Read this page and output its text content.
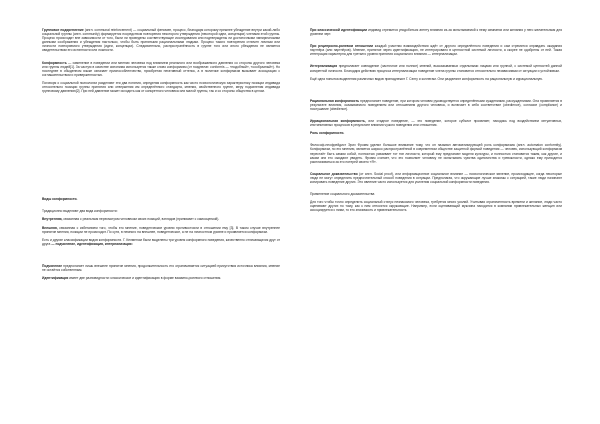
Групповое подкрепление (англ. communal reinforcement) — социальный феномен, процесс, благодаря которому прежнее убеждение внутри какой-либо социальной группы (англ. community) формируется посредством повторения некоторого утверждения (некоторой идеи, концепции) членами этой группы. Процесс происходит вне зависимости от того, были ли проведены соответствующие исследования или подтверждены ли достаточными эмпирическими данными соображения и убеждения настолько, чтобы быть принятыми рациональными людьми. Процесс такого повторения отличен личным или личности повторяемого утверждения (идеи, концепции). Следовательно, распространённость в группе того или иного убеждения не является свидетельством его истинности или ложности.

Конформность — изменение в поведении или мнении человека под влиянием реального или воображаемого давления со стороны другого человека или группы людей[1]. За частую в качестве синонима используется также слово конформизм (от позднелат. conformis — «подобный», «сообразный»). Но последнее в обыденном языке означает приспособленчество, приобретая негативный оттенок, а в политике конформизм вызывает ассоциации с соглашательством и приверженностью.

Поговоря о социальной психологии разделяют эти два понятия, определяя конформность как чисто психологическую характеристику позиции индивида относительно позиции группы принятия или отвержения им определённого стандарта, мнения, свойственного группе, меру подчинения индивида групповому давлению[2]. При ней давление может исходить как от конкретного человека или малой группы, так и со стороны общества в целом.

Виды конформности.

Традиционно выделяют два вида конформности:

Внутренняя, связанная с реальным пересмотром человеком своих позиций, взглядов (принимает с самооценкой).

Внешняя, связанная с избеганием того, чтобы его мнение, поведенческие уровни противостояли в отношении ему [3]. В таком случае внутреннее принятие мнения, позиции не происходит. По сути, в немного на внешнее, поведенческое, а не на личностном уровне и проявляется конформизм.

Есть и другие классификации видов конформности. Г. Келменом были выделены три уровня конформного поведения, качественно отличающихся друг от друга — подчинение, идентификация, интернализация:

Подчинение предполагает лишь внешнее принятие мнения, продолжительность его ограничивается ситуацией присутствия источника влияния, мнение не остаётся собственным.

Идентификация имеет две разновидности: классическое и идентификацию в форме взаимно-ролевого отношения.

При классической идентификации индивид стремится уподобиться агенту влияния из-за испытываемой к нему симпатии или желания у него желательным для уровнем черт.

При реципрокно-ролевом отношении каждый участник взаимодействия ждёт от другого определённого поведения и сам стремится оправдать ожидания партнёра (или партнёров). Мнение, принятое через идентификацию, не интегрировано в ценностной системой личности, а скорее не одобрены от ней. Такая интеграция характерна для третьего уровня принятия социального влияния — интернализации.

Интернализация предполагает совпадение (частичное или полное) мнений, высказываемых отдельными лицами или группой, с системой ценностей данной конкретной личности. Благодаря действию процесса интернализации поведение члена группы становится относительно независимым от ситуации и устойчивым.

Ещё одна попытка выделения различных видов принадлежит Г. Сэнгу и коллегам. Они разделяют конформность на рациональную и иррациональную.

Рациональная конформность предполагает поведение, при котором человек руководствуется определёнными суждениями, рассуждениями. Она проявляется в результате влияния, оказываемого поведением или отношением другого человека, и включает в себя соответствие (obedience), согласие (compliance) и послушание (obedience).

Иррациональная конформность, или стадное поведение, — это поведение, которое субъект проявляет, находясь под воздействием интуитивных, инстинктивных процессов в результате влияния чужого поведения или отношения.

Роль конформности.

Философ-неофрейдист Эрих Фромм уделял большое внимание тому, что он называл автоматизирующей роль конформизма (англ. automaton conformity). Конформизм, по его мнению, является широко распространённой в современном обществе защитной формой поведения — человек, использующий конформизм перестаёт быть самим собой, полностью усваивает тот тип личности, который ему предлагают модели культуры, и полностью становится таким, как другие, и каким они его ожидают увидеть. Фромм считает, что это позволяет человеку не испытывать чувства одиночества и тревожности, однако ему приходится расплачиваться за это потерей своего «Я».

Социальное доказательство (от англ. Social proof), или информационное социальное влияние — психологическое явление, происходящее, когда некоторые люди не могут определить предпочтительный способ поведения в ситуации. Предполагая, что окружающие лучше знакомы с ситуацией, такие люди начинают копировать поведение других. Это явление часто используется для усиления социальной конформности поведения.

Применение социального доказательства

Для того чтобы точно определить социальный статус незнакомого человека, требуется много усилий. Учитывая ограниченность времени и желание, люди часто оценивают других по тому, как к ним относятся окружающие. Например, если оценивающий мужчина находится в компании привлекательных женщин или ассоциируется с ними, то его значимость и привлекательность
